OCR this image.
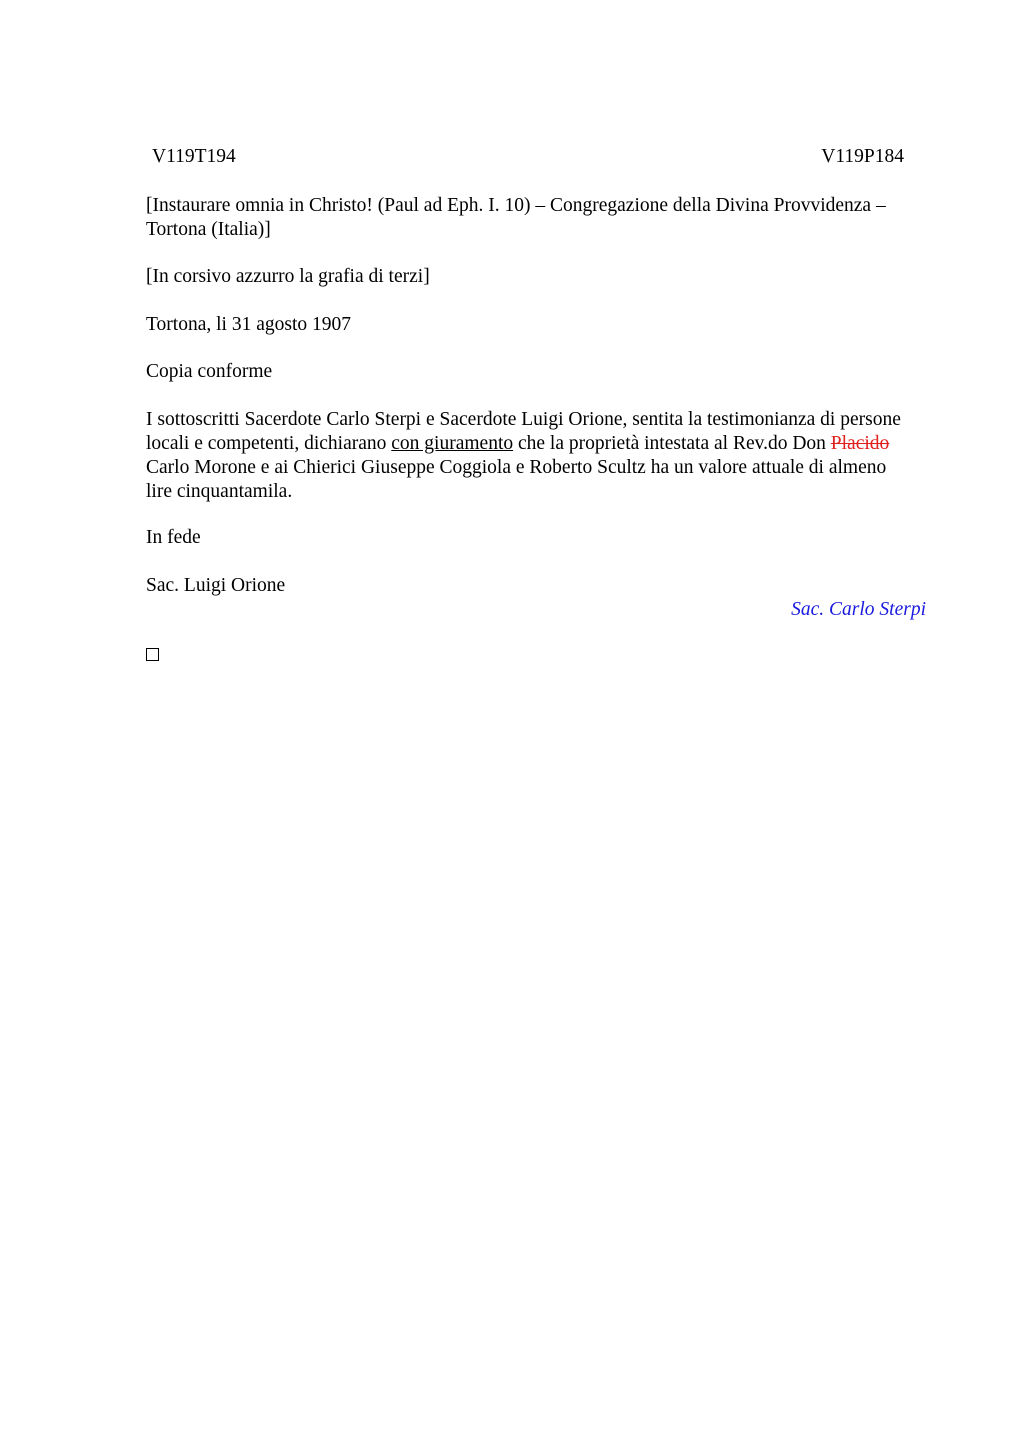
V119T194	V119P184

[Instaurare omnia in Christo! (Paul ad Eph. I. 10) – Congregazione della Divina Provvidenza – Tortona (Italia)]

[In corsivo azzurro la grafia di terzi]

Tortona, li 31 agosto 1907

Copia conforme

I sottoscritti Sacerdote Carlo Sterpi e Sacerdote Luigi Orione, sentita la testimonianza di persone locali e competenti, dichiarano con giuramento che la proprietà intestata al Rev.do Don Placido Carlo Morone e ai Chierici Giuseppe Coggiola e Roberto Scultz ha un valore attuale di almeno lire cinquantamila.

In fede

Sac. Luigi Orione

Sac. Carlo Sterpi
